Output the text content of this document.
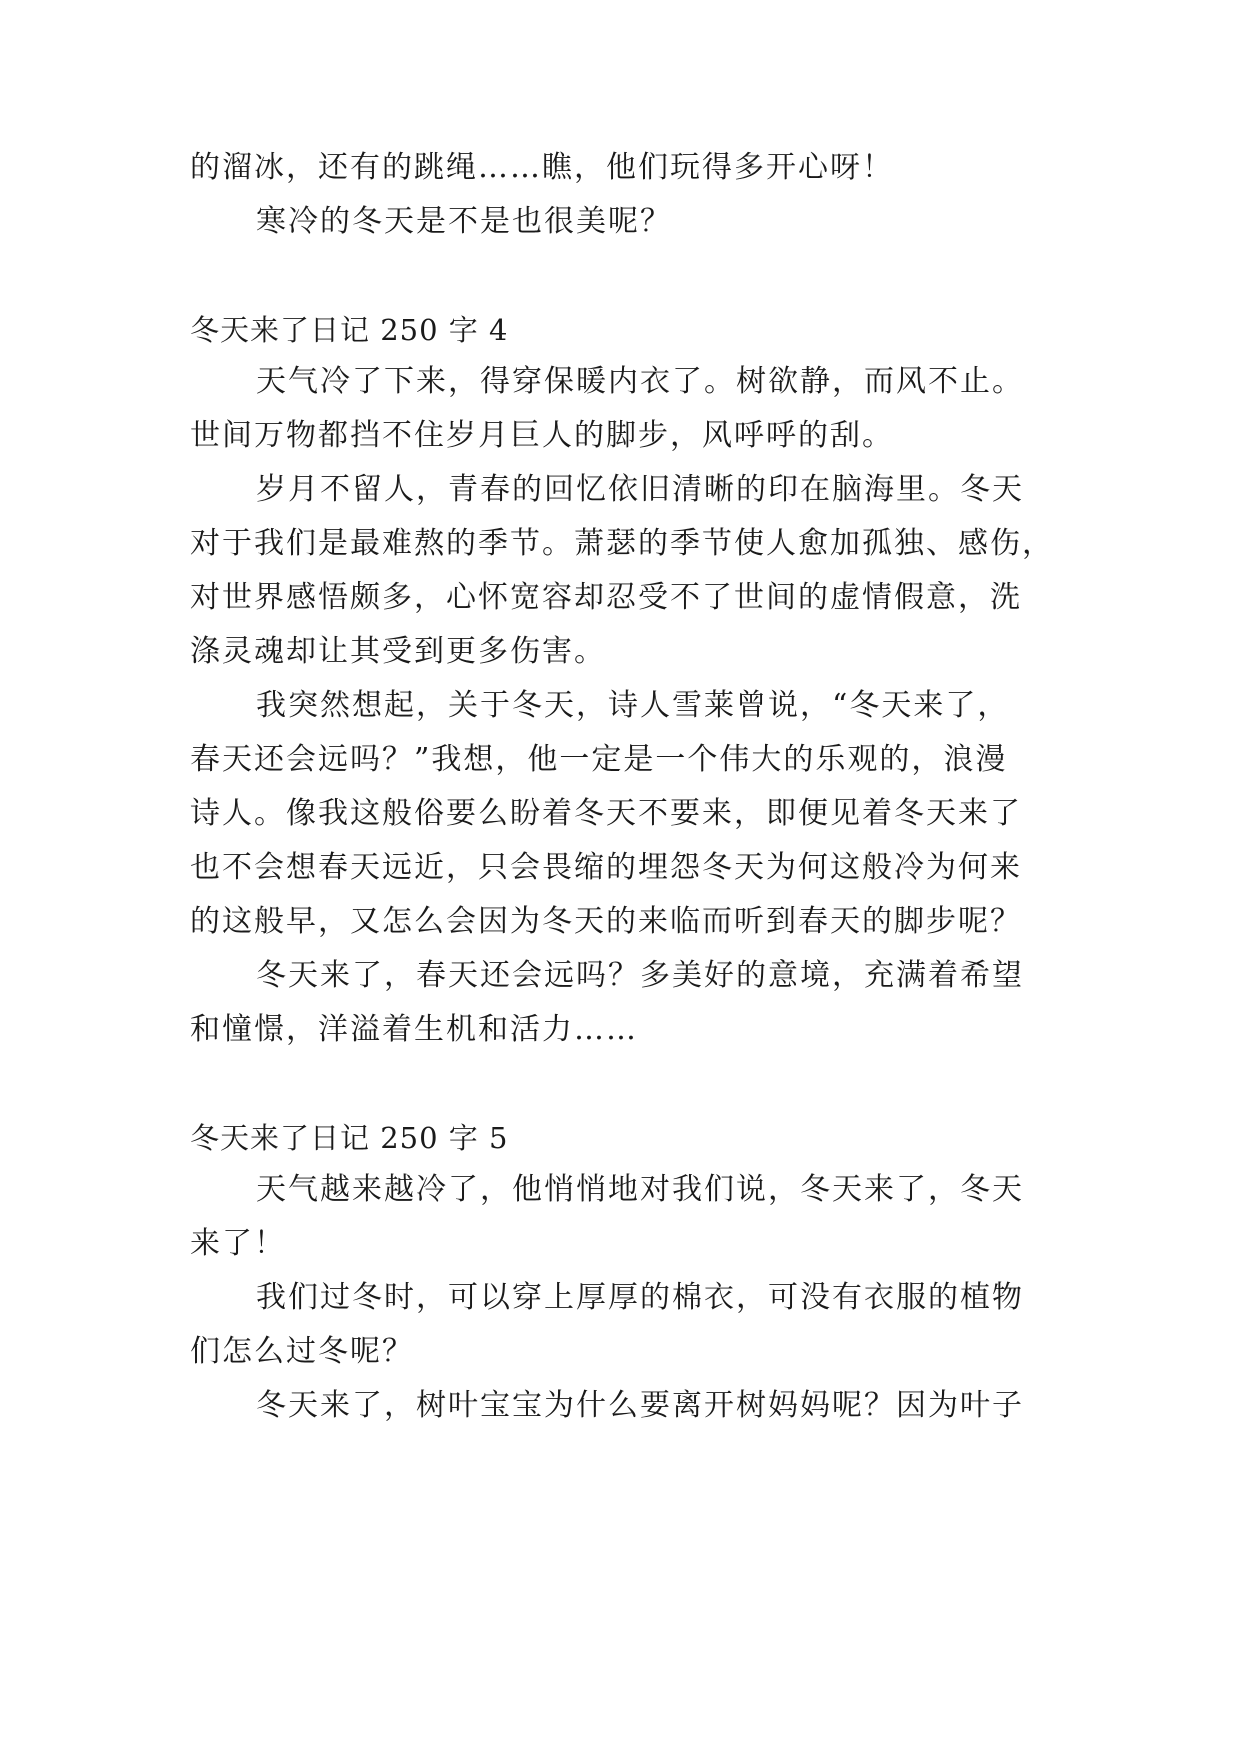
的溜冰，还有的跳绳……瞧，他们玩得多开心呀！
寒冷的冬天是不是也很美呢？
冬天来了日记 250 字 4
天气冷了下来，得穿保暖内衣了。树欲静，而风不止。
世间万物都挡不住岁月巨人的脚步，风呼呼的刮。
岁月不留人，青春的回忆依旧清晰的印在脑海里。冬天
对于我们是最难熬的季节。萧瑟的季节使人愈加孤独、感伤，
对世界感悟颇多，心怀宽容却忍受不了世间的虚情假意，洗
涤灵魂却让其受到更多伤害。
我突然想起，关于冬天，诗人雪莱曾说，“冬天来了，
春天还会远吗？”我想，他一定是一个伟大的乐观的，浪漫
诗人。像我这般俗要么盼着冬天不要来，即便见着冬天来了
也不会想春天远近，只会畏缩的埋怨冬天为何这般冷为何来
的这般早，又怎么会因为冬天的来临而听到春天的脚步呢？
冬天来了，春天还会远吗？多美好的意境，充满着希望
和憧憬，洋溢着生机和活力……
冬天来了日记 250 字 5
天气越来越冷了，他悄悄地对我们说，冬天来了，冬天
来了！
我们过冬时，可以穿上厚厚的棉衣，可没有衣服的植物
们怎么过冬呢？
冬天来了，树叶宝宝为什么要离开树妈妈呢？因为叶子
